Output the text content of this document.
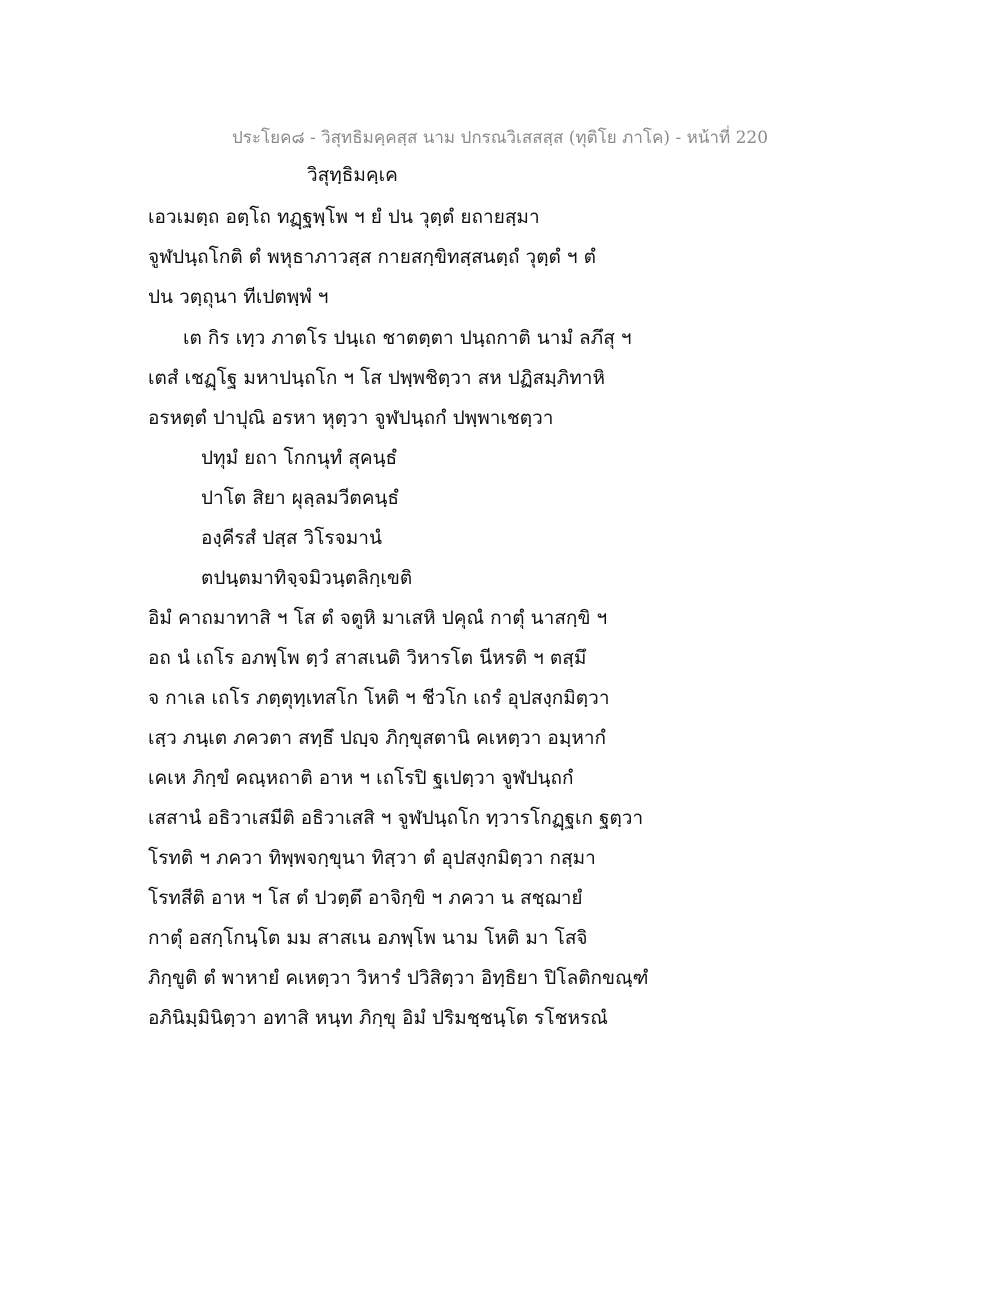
ประโยค๘ - วิสุทธิมคฺคสฺส นาม ปกรณวิเสสสฺส (ทุติโย ภาโค) - หน้าที่ 220
วิสุทฺธิมคฺเค
เอวเมตฺถ อตฺโถ ทฏฺฐพฺโพ ฯ ยํ ปน วุตฺตํ ยถายสฺมา
จูฬปนฺถโกติ ตํ พหุธาภาวสฺส กายสกฺขิทสฺสนตฺถํ วุตฺตํ ฯ ตํ
ปน วตฺถุนา ทีเปตพฺพํ ฯ
เต กิร เทฺว ภาตโร ปนฺเถ ชาตตฺตา ปนฺถกาติ นามํ ลภึสุ ฯ
เตสํ เชฏฺโฐ มหาปนฺถโก ฯ โส ปพฺพชิตฺวา สห ปฏิสมฺภิทาหิ
อรหตฺตํ ปาปุณิ อรหา หุตฺวา จูฬปนฺถกํ ปพฺพาเชตฺวา
ปทุมํ ยถา โกกนุทํ สุคนฺธํ
ปาโต สิยา ผุลฺลมวีตคนฺธํ
องฺคีรสํ ปสฺส วิโรจมานํ
ตปนฺตมาทิจฺจมิวนฺตลิกฺเขติ
อิมํ คาถมาทาสิ ฯ โส ตํ จตูหิ มาเสหิ ปคุณํ กาตุํ นาสกฺขิ ฯ
อถ นํ เถโร อภพฺโพ ตฺวํ สาสเนติ วิหารโต นีหรติ ฯ ตสฺมึ
จ กาเล เถโร ภตฺตุทฺเทสโก โหติ ฯ ชีวโก เถรํ อุปสงฺกมิตฺวา
เสฺว ภนฺเต ภควตา สทฺธึ ปญฺจ ภิกฺขุสตานิ คเหตฺวา อมฺหากํ
เคเห ภิกฺขํ คณฺหถาติ อาห ฯ เถโรปิ ฐเปตฺวา จูฬปนฺถกํ
เสสานํ อธิวาเสมีติ อธิวาเสสิ ฯ จูฬปนฺถโก ทฺวารโกฏฺฐเก ฐตฺวา
โรทติ ฯ ภควา ทิพฺพจกฺขุนา ทิสฺวา ตํ อุปสงฺกมิตฺวา กสฺมา
โรทสีติ อาห ฯ โส ตํ ปวตฺตึ อาจิกฺขิ ฯ ภควา น สชฺฌายํ
กาตุํ อสกฺโกนฺโต มม สาสเน อภพฺโพ นาม โหติ มา โสจิ
ภิกฺขูติ ตํ พาหายํ คเหตฺวา วิหารํ ปวิสิตฺวา อิทฺธิยา ปิโลติกขณฺฑํ
อภินิมฺมินิตฺวา อทาสิ หนฺท ภิกฺขุ อิมํ ปริมชฺชนฺโต รโชหรณํ
